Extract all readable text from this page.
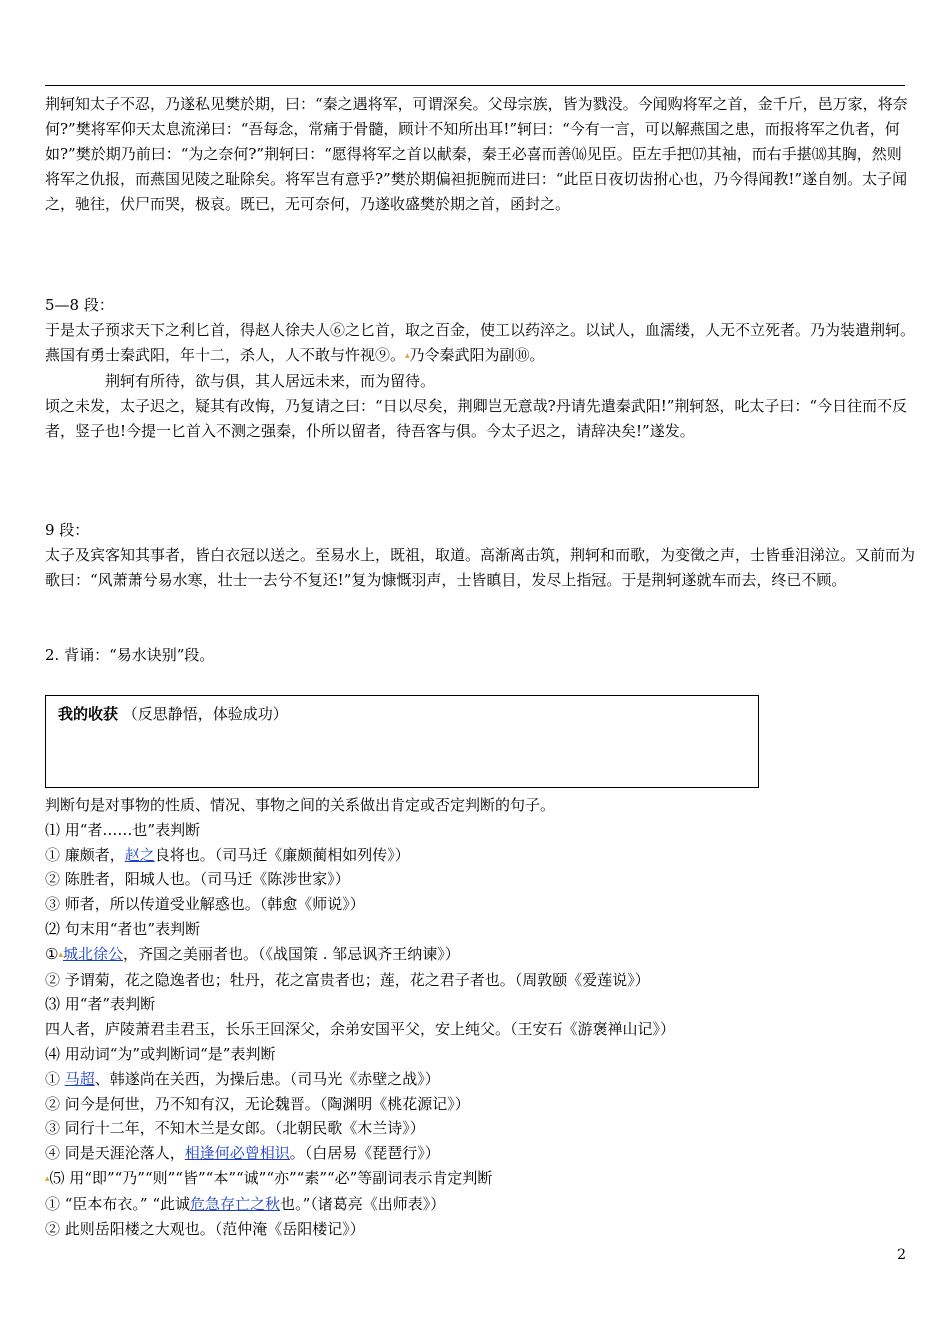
荆轲知太子不忍，乃遂私见樊於期，曰：“秦之遇将军，可谓深矣。父母宗族，皆为戮没。今闻购将军之首，金千斤，邑万家，将奈何?”樊将军仰天太息流涕曰：“吾每念，常痛于骨髓，顾计不知所出耳!”轲曰：“今有一言，可以解燕国之患，而报将军之仇者，何如?”樊於期乃前曰：“为之奈何?”荆轲曰：“愿得将军之首以献秦，秦王必喜而善⒃见臣。臣左手把⒄其袖，而右手揕⒅其胸，然则将军之仇报，而燕国见陵之耻除矣。将军岂有意乎?”樊於期偏袒扼腕而进曰：“此臣日夜切齿拊心也，乃今得闻教!”遂自刎。太子闻之，驰往，伏尸而哭，极哀。既已，无可奈何，乃遂收盛樊於期之首，函封之。

5—8 段：

于是太子预求天下之利匕首，得赵人徐夫人⑥之匕首，取之百金，使工以药淬之。以试人，血濡缕，人无不立死者。乃为装遣荆轲。

燕国有勇士秦武阳，年十二，杀人，人不敢与忤视⑨。▴乃令秦武阳为副⑩。

荆轲有所待，欲与俱，其人居远未来，而为留待。

顷之未发，太子迟之，疑其有改悔，乃复请之曰：“日以尽矣，荆卿岂无意哉?丹请先遣秦武阳!”荆轲怒，叱太子曰：“今日往而不反者，竖子也!今提一匕首入不测之强秦，仆所以留者，待吾客与俱。今太子迟之，请辞决矣!”遂发。

9 段：

太子及宾客知其事者，皆白衣冠以送之。至易水上，既祖，取道。高渐离击筑，荆轲和而歌，为变徵之声，士皆垂泪涕泣。又前而为歌曰：“风萧萧兮易水寒，壮士一去兮不复还!”复为慷慨羽声，士皆瞋目，发尽上指冠。于是荆轲遂就车而去，终已不顾。

2. 背诵：“易水诀别”段。

我的收获 （反思静悟，体验成功）

判断句是对事物的性质、情况、事物之间的关系做出肯定或否定判断的句子。

⑴ 用“者……也”表判断

① 廉颇者，赵之良将也。（司马迁《廉颇蔺相如列传》）

② 陈胜者，阳城人也。（司马迁《陈涉世家》）

③ 师者，所以传道受业解惑也。（韩愈《师说》）

⑵ 句末用“者也”表判断

①▴城北徐公，齐国之美丽者也。（《战国策 . 邹忌讽齐王纳谏》）

② 予谓菊，花之隐逸者也；牡丹，花之富贵者也；莲，花之君子者也。（周敦颐《爱莲说》）

⑶ 用“者”表判断

四人者，庐陵萧君圭君玉，长乐王回深父，余弟安国平父，安上纯父。（王安石《游褒禅山记》）

⑷ 用动词“为”或判断词“是”表判断

① 马超、韩遂尚在关西，为操后患。（司马光《赤壁之战》）

② 问今是何世，乃不知有汉，无论魏晋。（陶渊明《桃花源记》）

③ 同行十二年，不知木兰是女郎。（北朝民歌《木兰诗》）

④ 同是天涯沦落人，相逢何必曾相识。（白居易《琵琶行》）

▴⑸ 用“即”“乃”“则”“皆”“本”“诚”“亦”“素”“必”等副词表示肯定判断

① “臣本布衣。” “此诚危急存亡之秋也。”（诸葛亮《出师表》）

② 此则岳阳楼之大观也。（范仲淹《岳阳楼记》）

2
